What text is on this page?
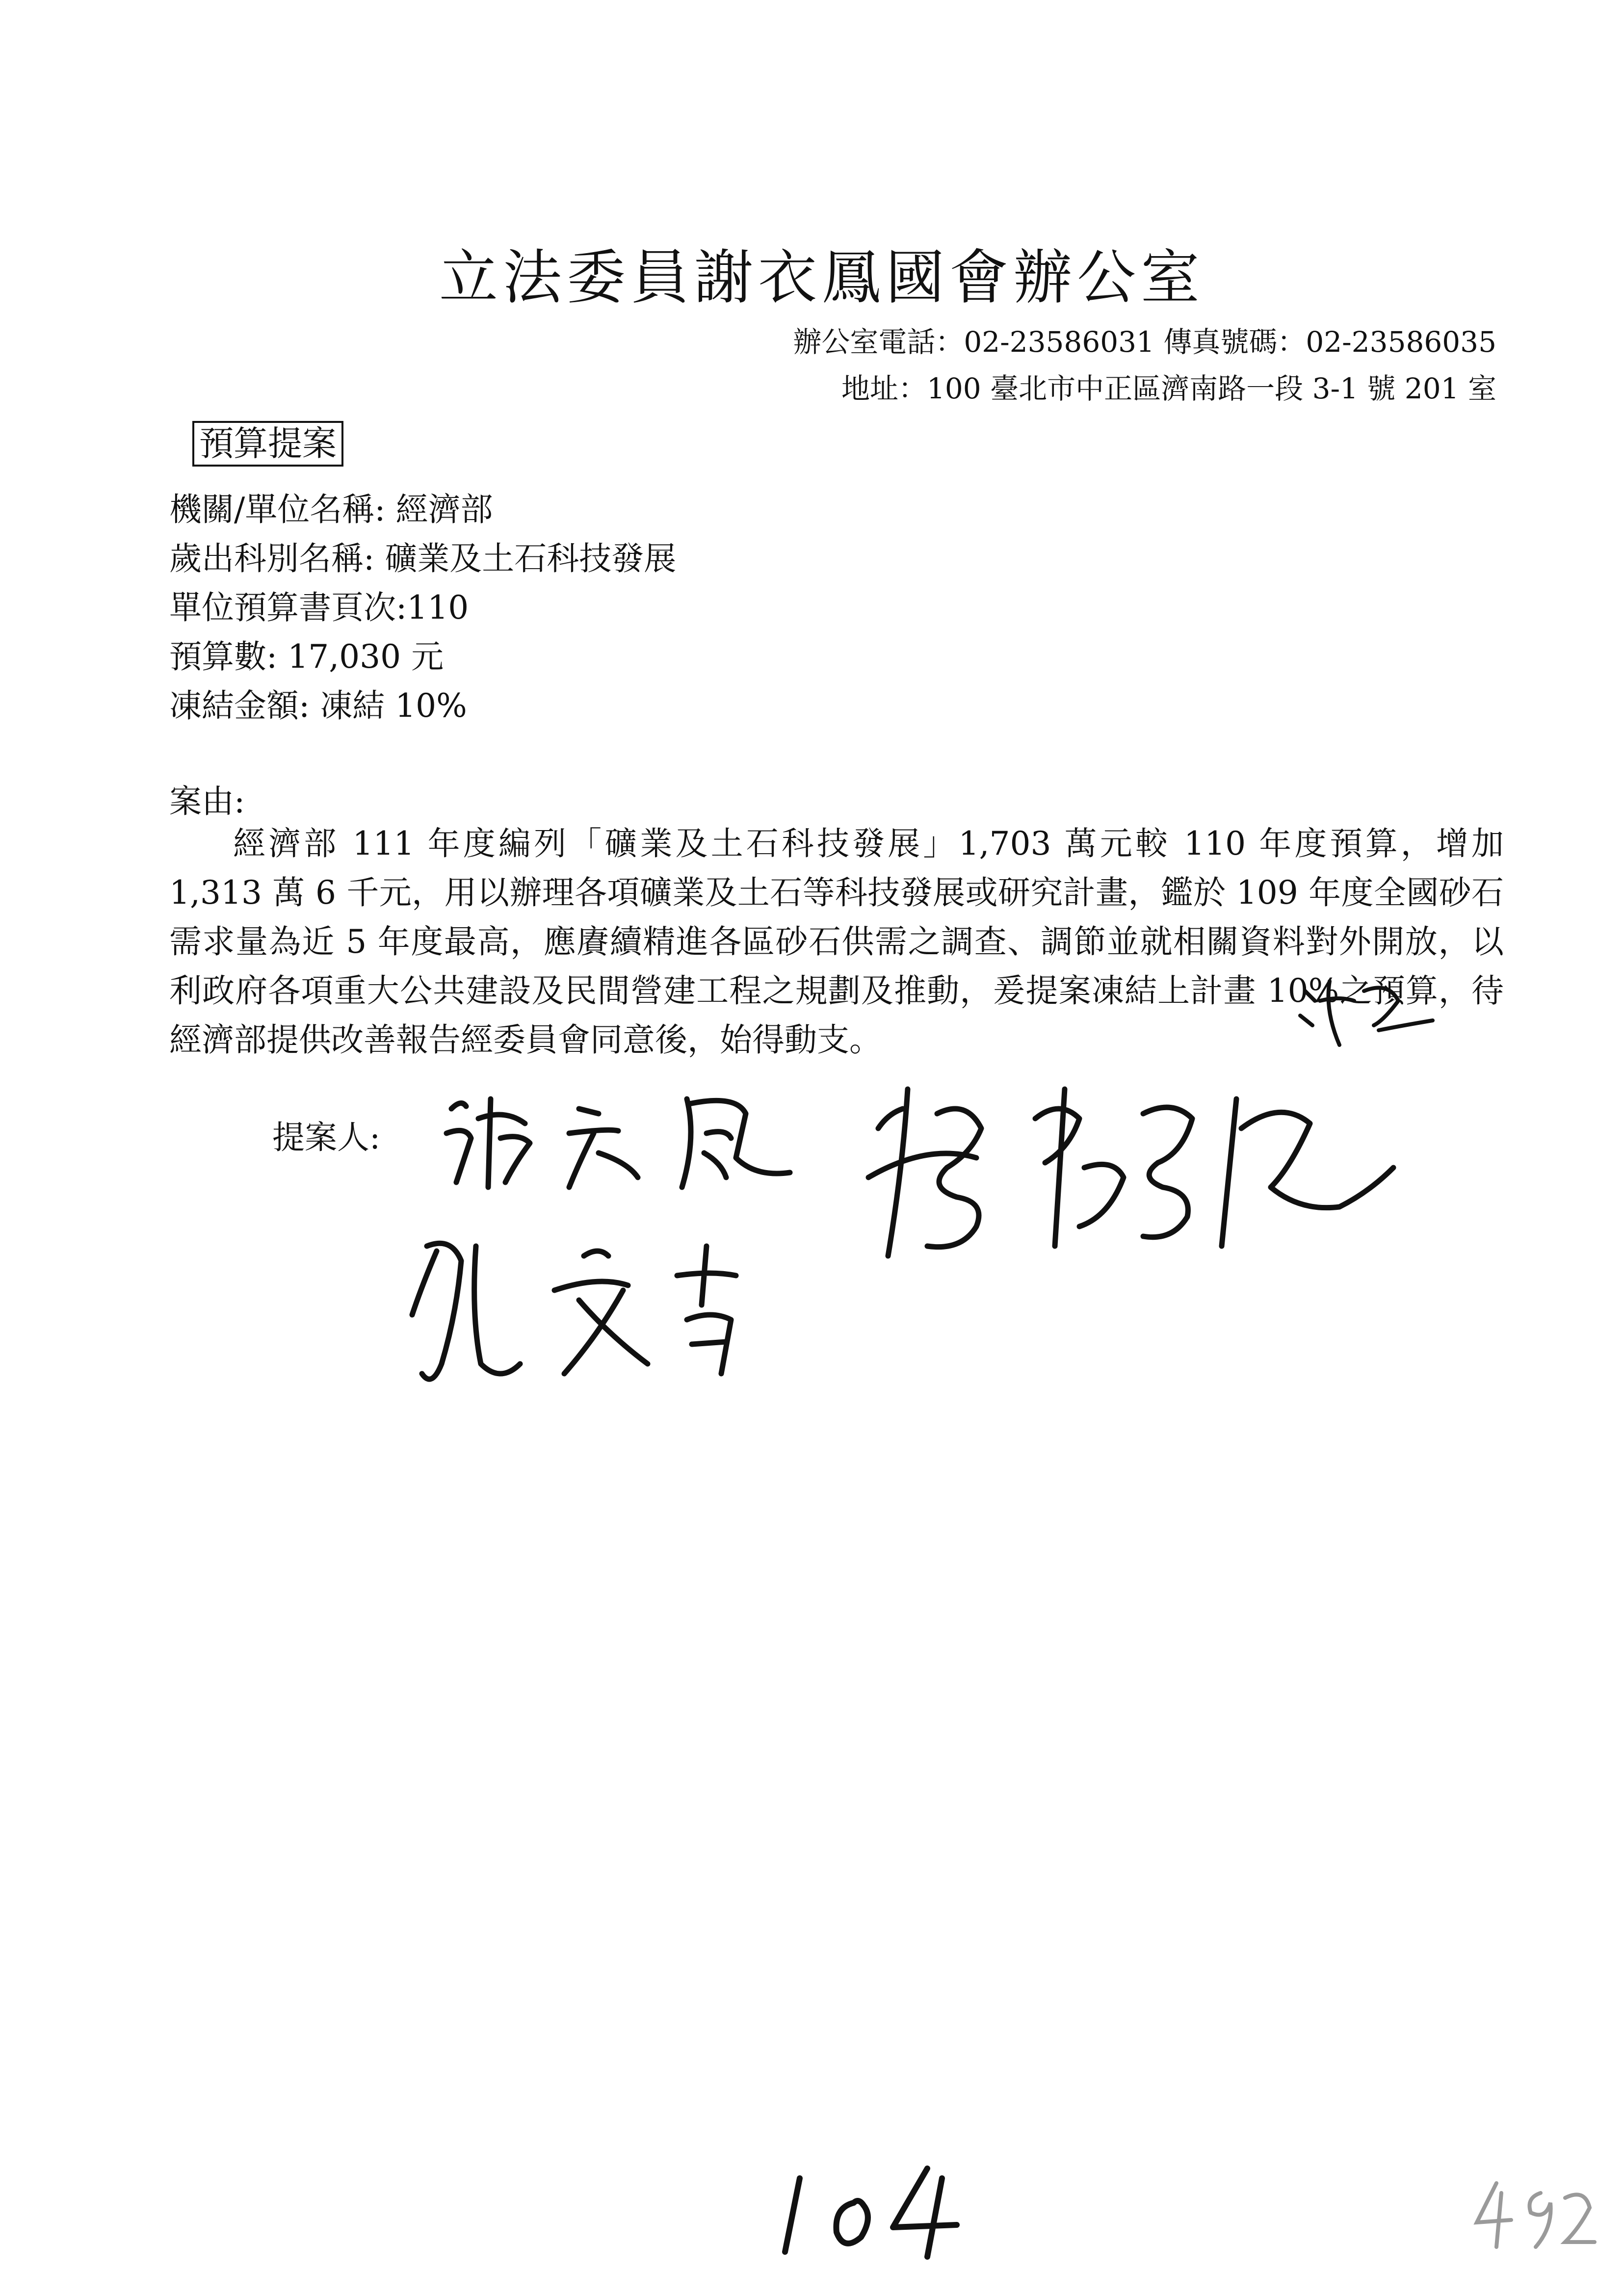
立法委員謝衣鳳國會辦公室
辦公室電話：02-23586031 傳真號碼：02-23586035
地址：100 臺北市中正區濟南路一段 3-1 號 201 室
預算提案
機關/單位名稱: 經濟部
歲出科別名稱: 礦業及土石科技發展
單位預算書頁次:110
預算數: 17,030 元
凍結金額: 凍結 10%
案由:
經濟部 111 年度編列「礦業及土石科技發展」1,703 萬元較 110 年度預算，增加 1,313 萬 6 千元，用以辦理各項礦業及土石等科技發展或研究計畫，鑑於 109 年度全國砂石需求量為近 5 年度最高，應賡續精進各區砂石供需之調查、調節並就相關資料對外開放，以利政府各項重大公共建設及民間營建工程之規劃及推動，爰提案凍結上計畫 10%之預算，待經濟部提供改善報告經委員會同意後，始得動支。
提案人:
